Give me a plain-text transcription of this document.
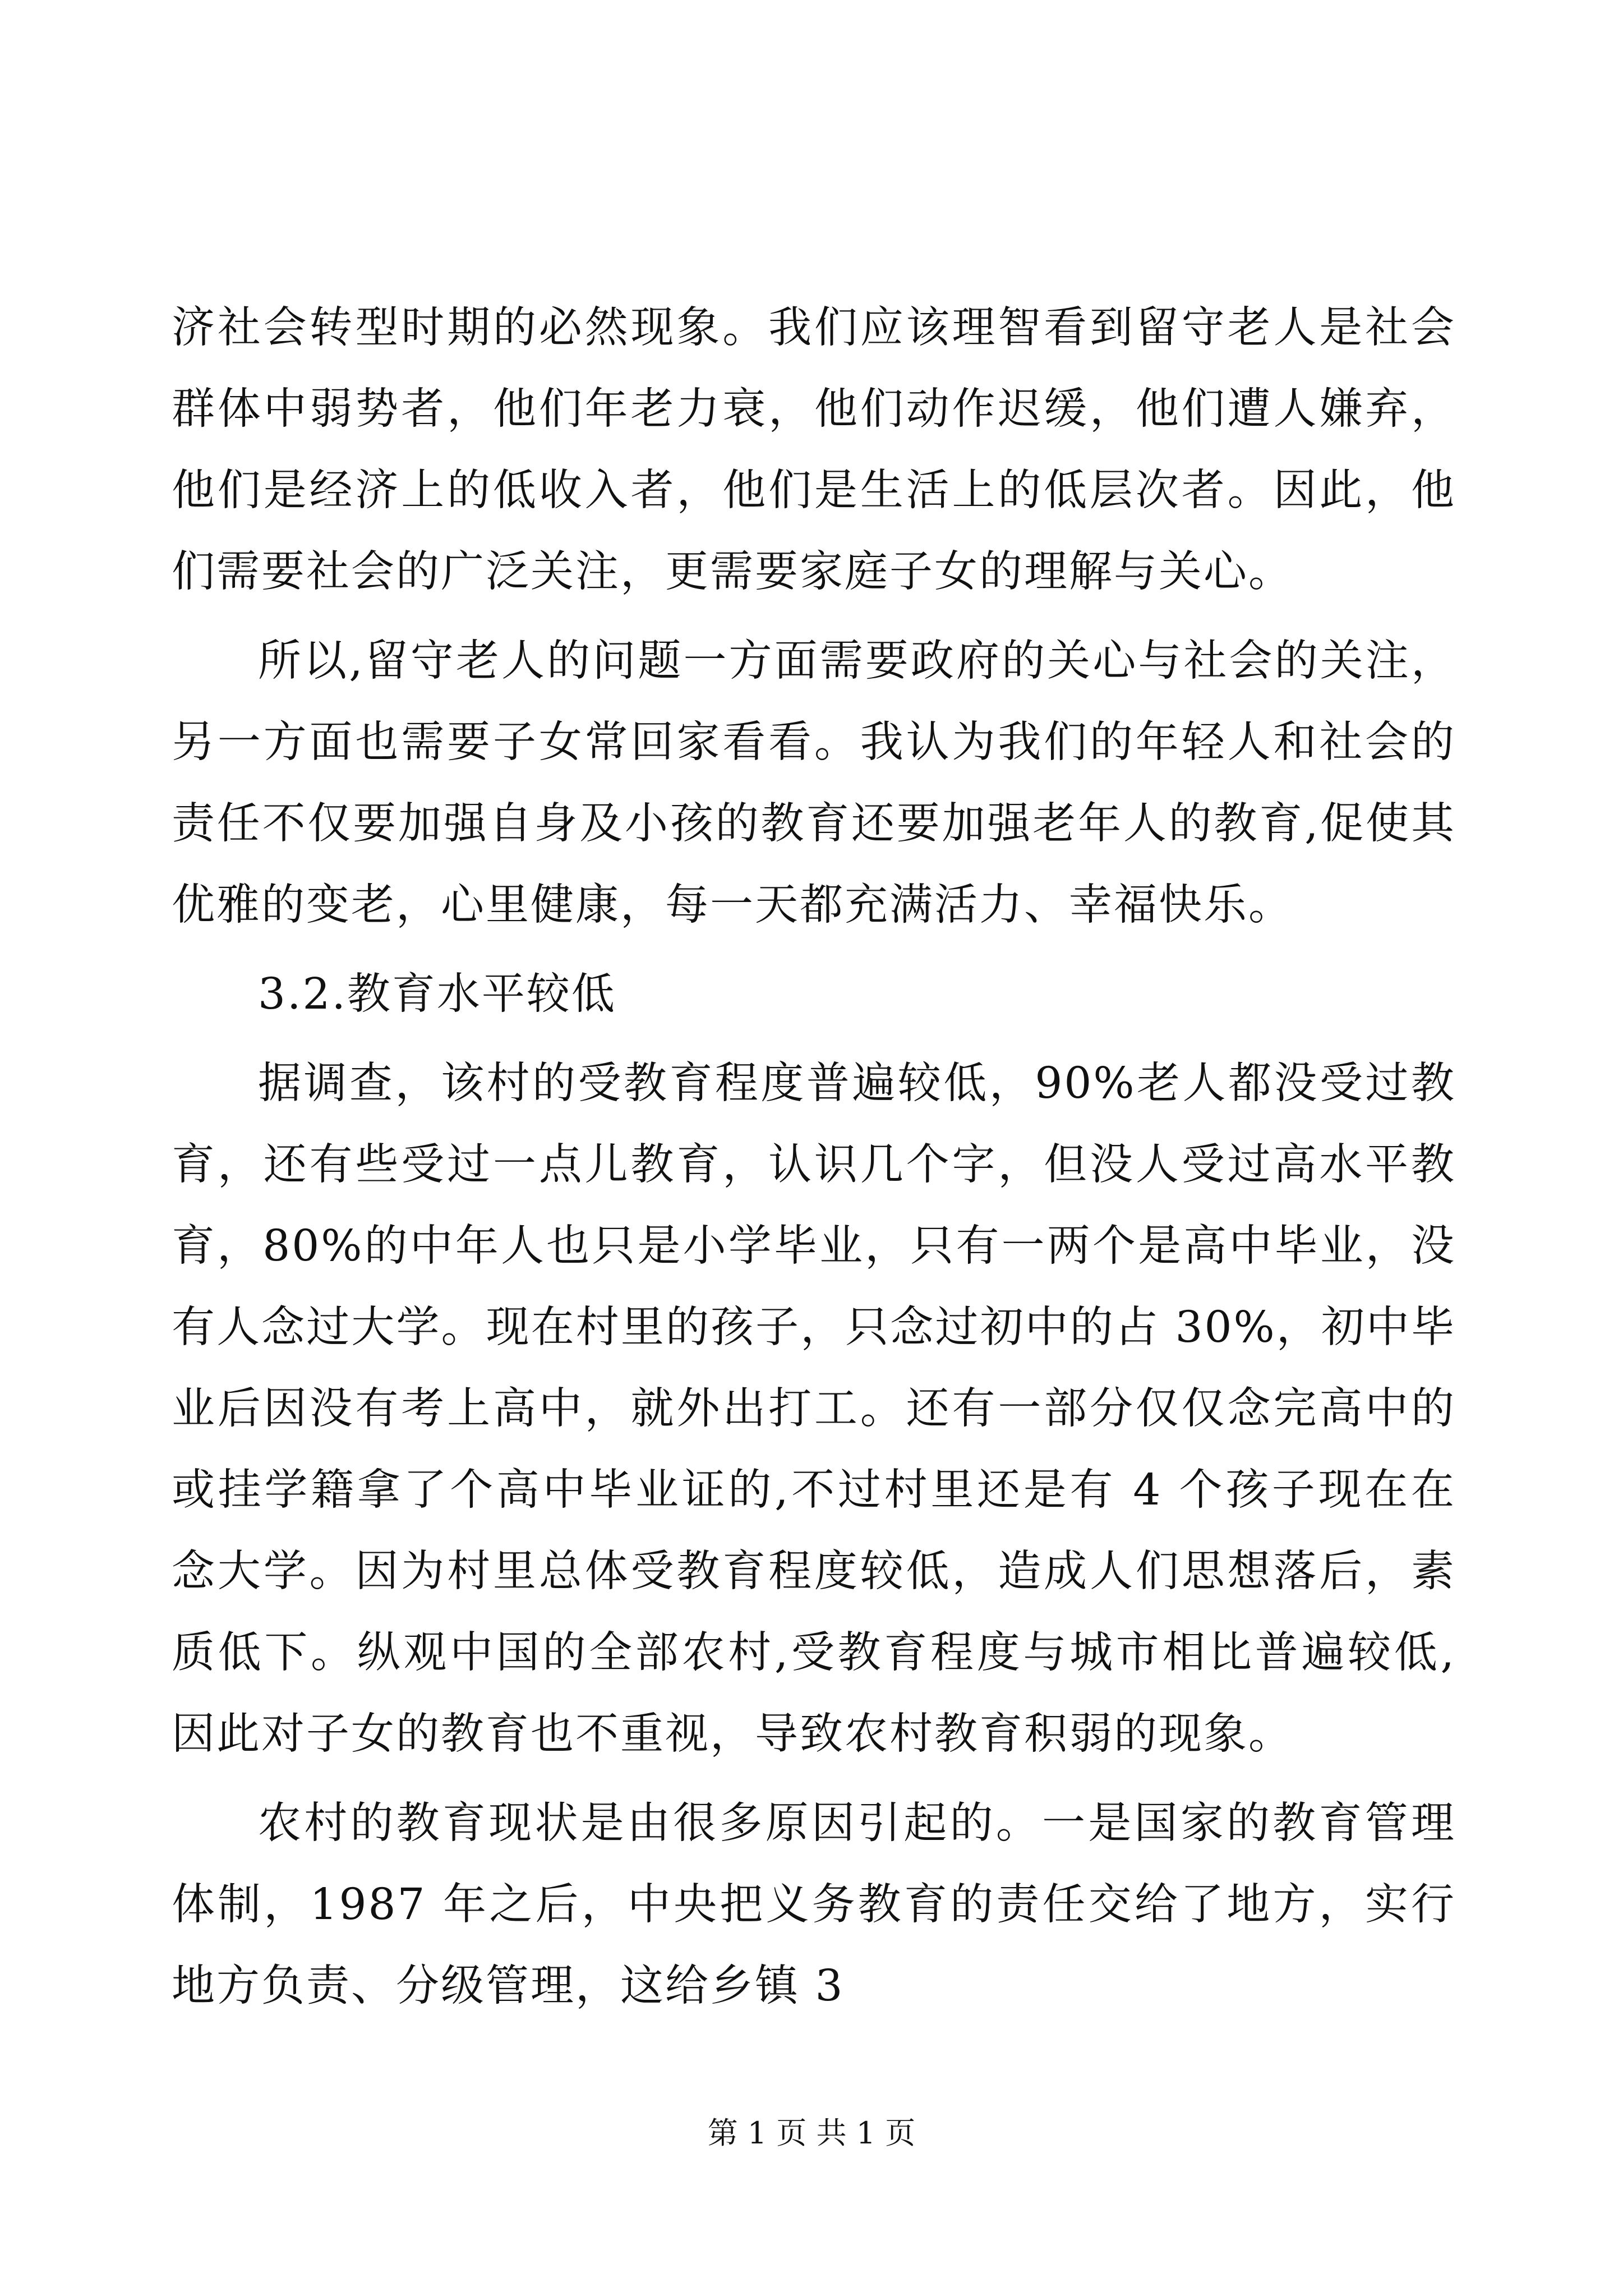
济社会转型时期的必然现象。我们应该理智看到留守老人是社会群体中弱势者，他们年老力衰，他们动作迟缓，他们遭人嫌弃，他们是经济上的低收入者，他们是生活上的低层次者。因此，他们需要社会的广泛关注，更需要家庭子女的理解与关心。

所以,留守老人的问题一方面需要政府的关心与社会的关注，另一方面也需要子女常回家看看。我认为我们的年轻人和社会的责任不仅要加强自身及小孩的教育还要加强老年人的教育,促使其优雅的变老，心里健康，每一天都充满活力、幸福快乐。

3.2.教育水平较低

据调查，该村的受教育程度普遍较低，90%老人都没受过教育，还有些受过一点儿教育，认识几个字，但没人受过高水平教育，80%的中年人也只是小学毕业，只有一两个是高中毕业，没有人念过大学。现在村里的孩子，只念过初中的占 30%，初中毕业后因没有考上高中，就外出打工。还有一部分仅仅念完高中的或挂学籍拿了个高中毕业证的,不过村里还是有 4 个孩子现在在念大学。因为村里总体受教育程度较低，造成人们思想落后，素质低下。纵观中国的全部农村,受教育程度与城市相比普遍较低,因此对子女的教育也不重视，导致农村教育积弱的现象。

农村的教育现状是由很多原因引起的。一是国家的教育管理体制，1987 年之后，中央把义务教育的责任交给了地方，实行地方负责、分级管理，这给乡镇 3

第 1 页 共 1 页
